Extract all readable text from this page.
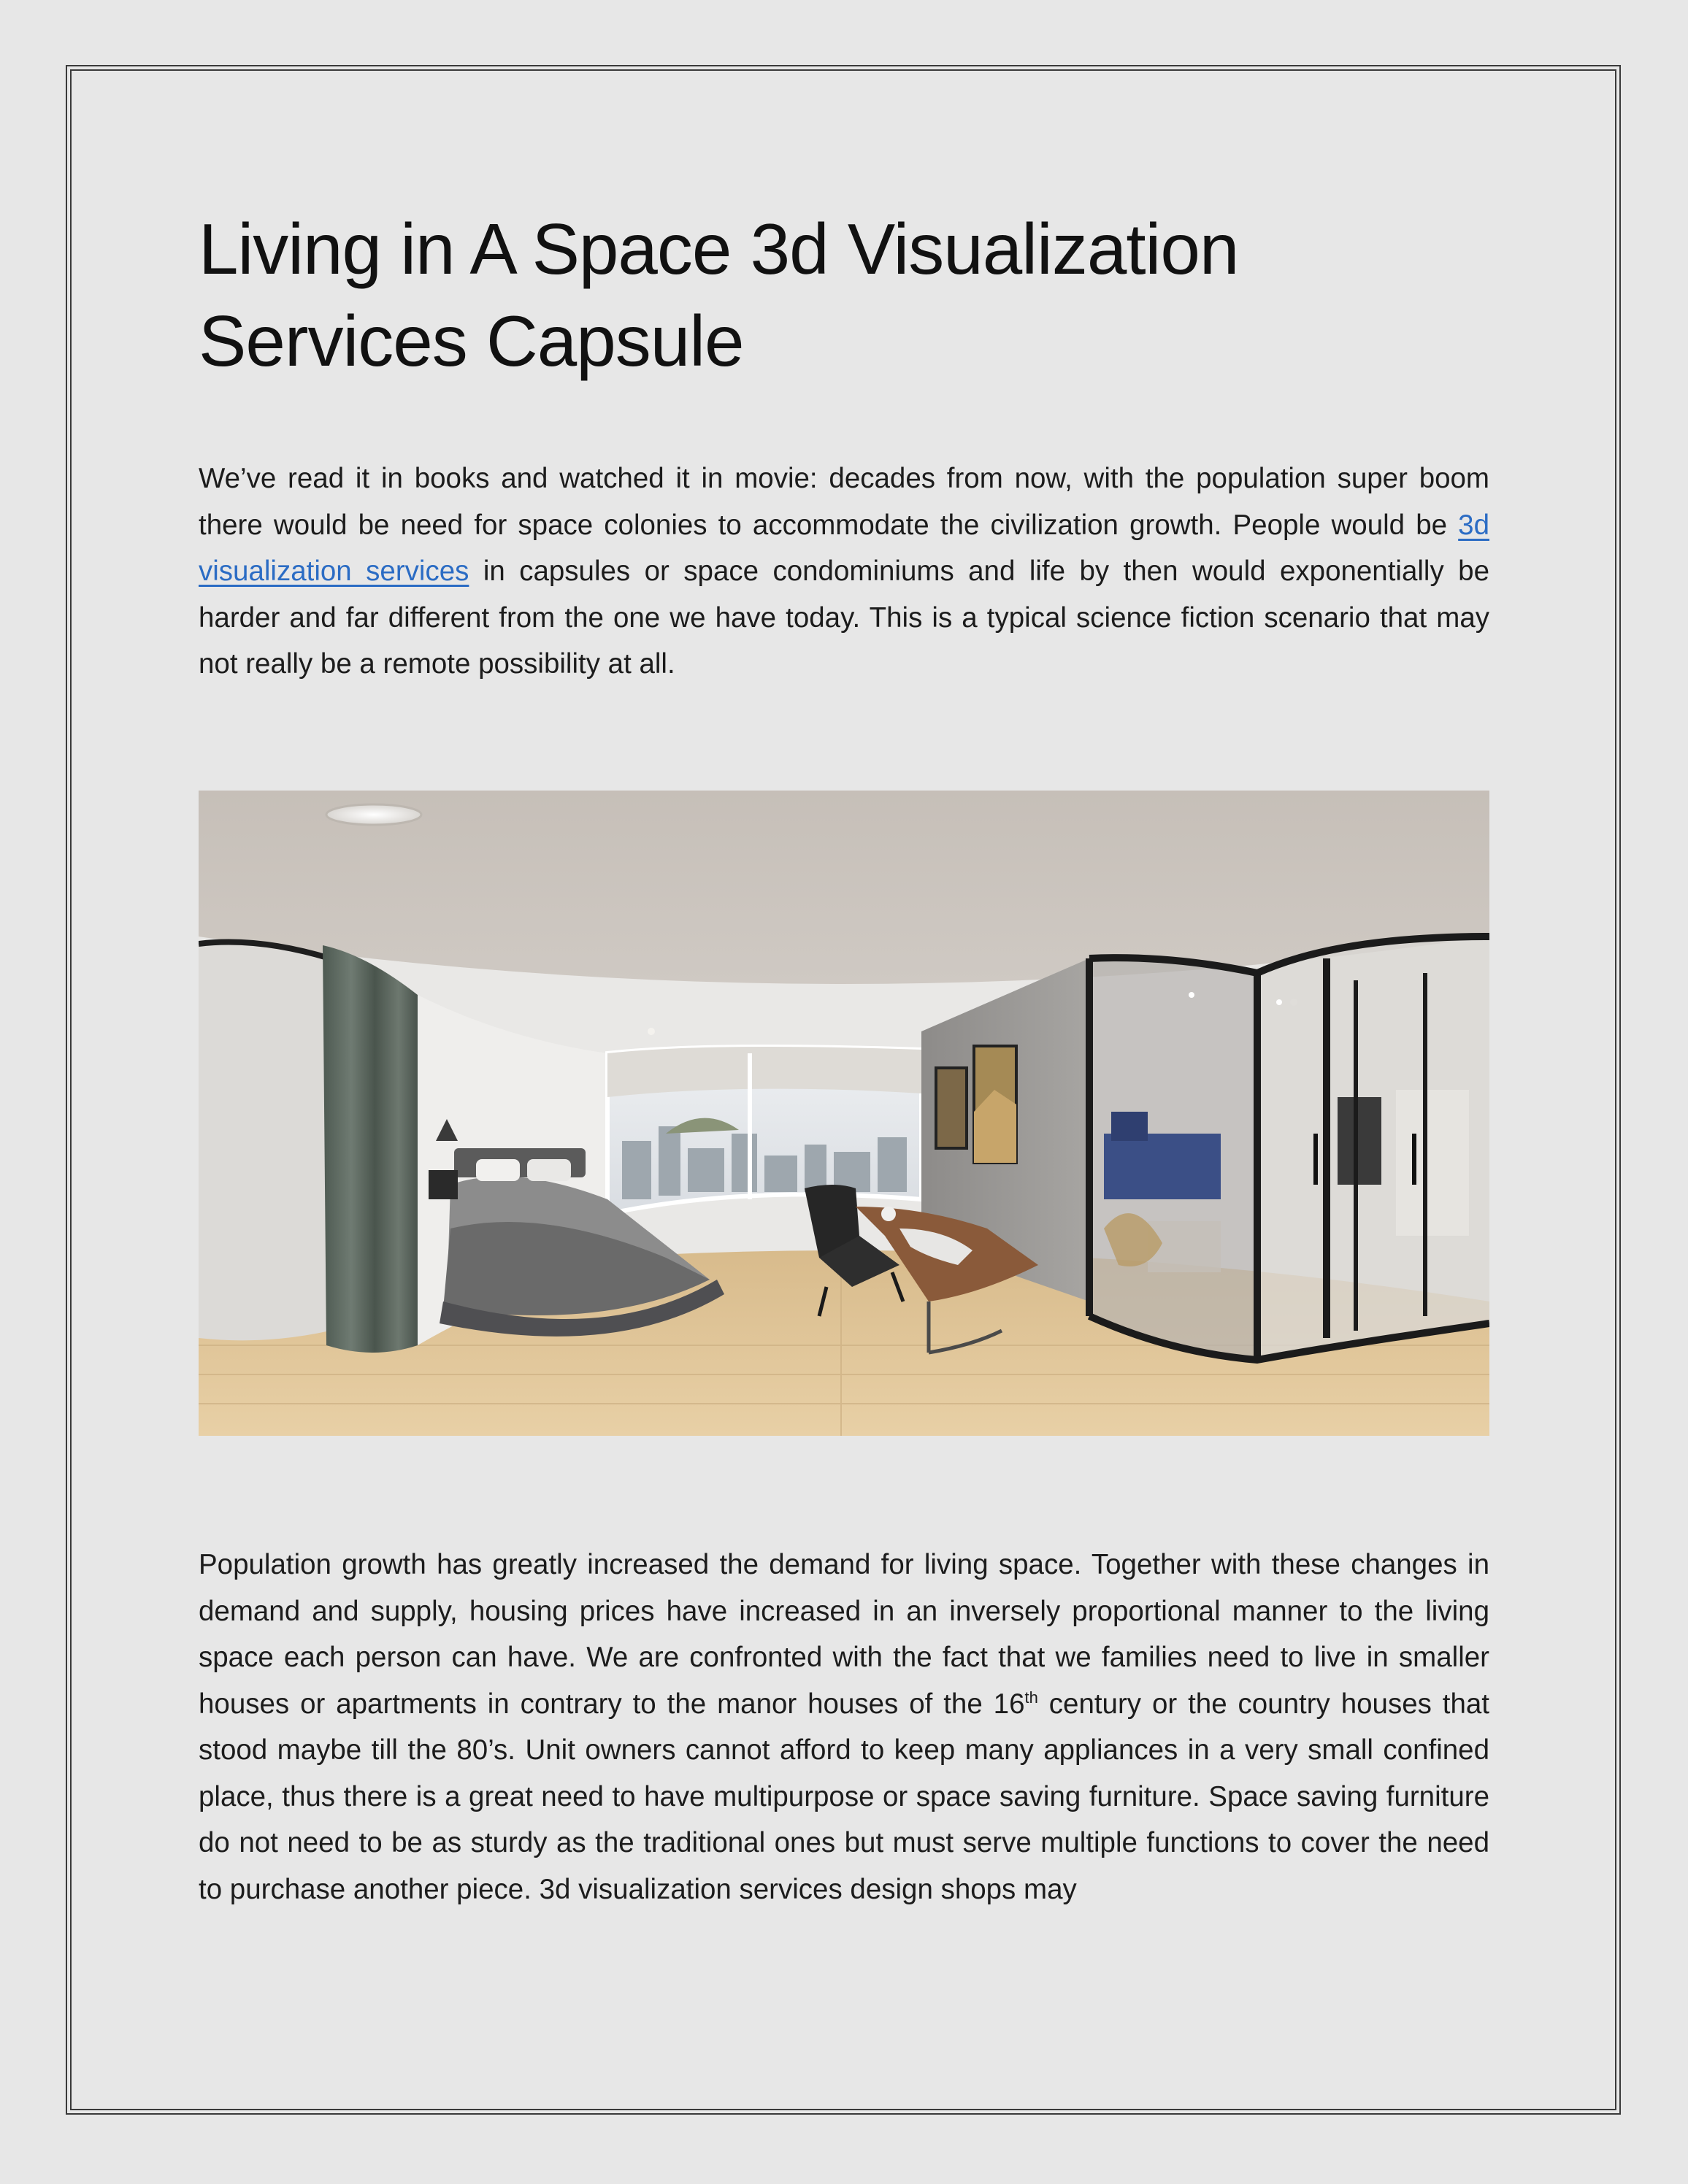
Living in A Space 3d Visualization Services Capsule

We’ve read it in books and watched it in movie: decades from now, with the population super boom there would be need for space colonies to accommodate the civilization growth. People would be 3d visualization services in capsules or space condominiums and life by then would exponentially be harder and far different from the one we have today. This is a typical science fiction scenario that may not really be a remote possibility at all.

Population growth has greatly increased the demand for living space. Together with these changes in demand and supply, housing prices have increased in an inversely proportional manner to the living space each person can have. We are confronted with the fact that we families need to live in smaller houses or apartments in contrary to the manor houses of the 16th century or the country houses that stood maybe till the 80’s. Unit owners cannot afford to keep many appliances in a very small confined place, thus there is a great need to have multipurpose or space saving furniture. Space saving furniture do not need to be as sturdy as the traditional ones but must serve multiple functions to cover the need to purchase another piece. 3d visualization services design shops may
